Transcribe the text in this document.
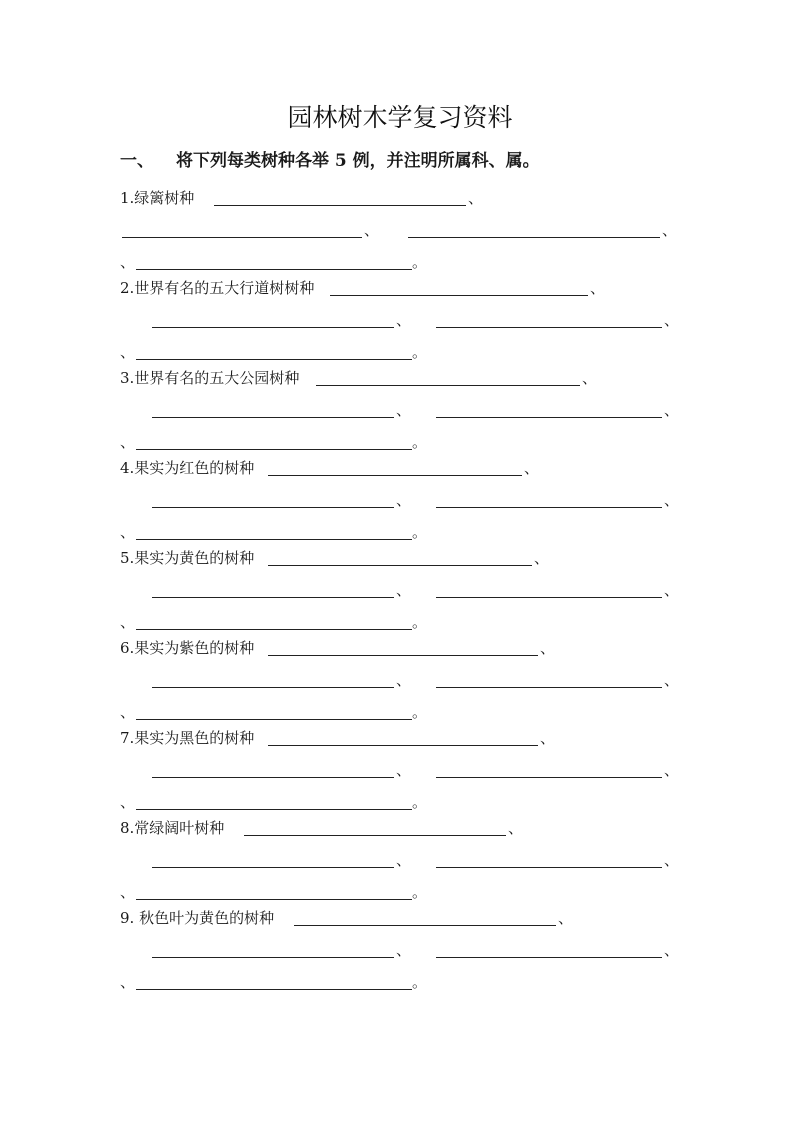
园林树木学复习资料
一、 将下列每类树种各举 5 例，并注明所属科、属。
1.绿篱树种	、
、	、
、	。
2.世界有名的五大行道树树种	、
、	、
、	。
3.世界有名的五大公园树种	、
、	、
、	。
4.果实为红色的树种	、
、	、
、	。
5.果实为黄色的树种	、
、	、
、	。
6.果实为紫色的树种	、
、	、
、	。
7.果实为黑色的树种	、
、	、
、	。
8.常绿阔叶树种	、
、	、
、	。
9. 秋色叶为黄色的树种	、
、	、
、	。
